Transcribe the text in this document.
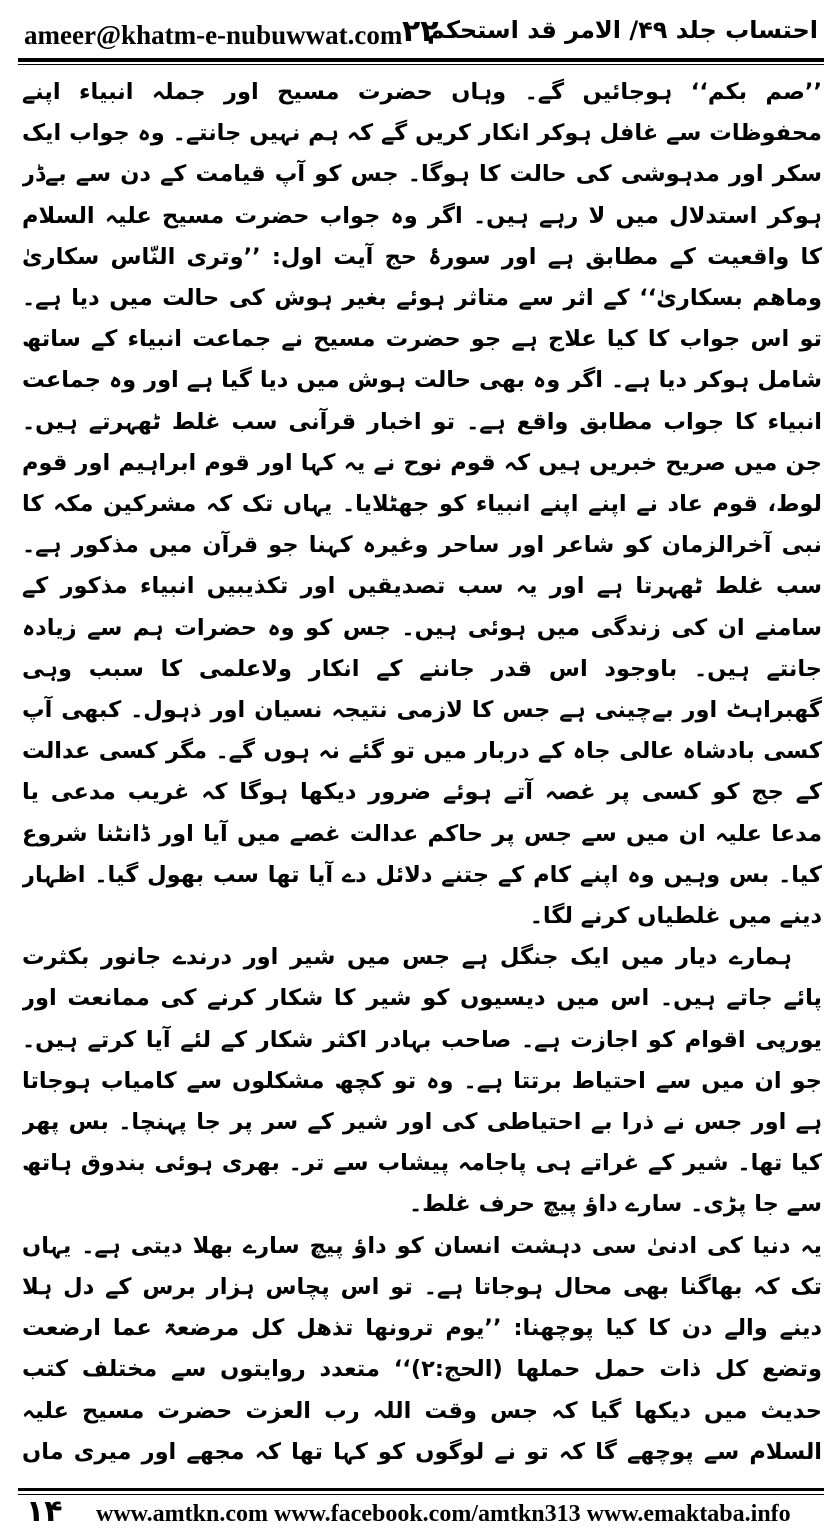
ameer@khatm-e-nubuwwat.com ۲۲
احتساب جلد ۴۹/ الامر قد استحکم

’’صم بکم‘‘ ہوجائیں گے۔ وہاں حضرت مسیح اور جملہ انبیاء اپنے محفوظات سے غافل ہوکر انکار کریں گے کہ ہم نہیں جانتے۔ وہ جواب ایک سکر اور مدہوشی کی حالت کا ہوگا۔ جس کو آپ قیامت کے دن سے بےڈر ہوکر استدلال میں لا رہے ہیں۔ اگر وہ جواب حضرت مسیح علیہ السلام کا واقعیت کے مطابق ہے اور سورۂ حج آیت اول: ’’وتری النّاس سکاریٰ وماھم بسکاریٰ‘‘ کے اثر سے متاثر ہوئے بغیر ہوش کی حالت میں دیا ہے۔ تو اس جواب کا کیا علاج ہے جو حضرت مسیح نے جماعت انبیاء کے ساتھ شامل ہوکر دیا ہے۔ اگر وہ بھی حالت ہوش میں دیا گیا ہے اور وہ جماعت انبیاء کا جواب مطابق واقع ہے۔ تو اخبار قرآنی سب غلط ٹھہرتے ہیں۔ جن میں صریح خبریں ہیں کہ قوم نوح نے یہ کہا اور قوم ابراہیم اور قوم لوط، قوم عاد نے اپنے اپنے انبیاء کو جھٹلایا۔ یہاں تک کہ مشرکین مکہ کا نبی آخرالزمان کو شاعر اور ساحر وغیرہ کہنا جو قرآن میں مذکور ہے۔ سب غلط ٹھہرتا ہے اور یہ سب تصدیقیں اور تکذیبیں انبیاء مذکور کے سامنے ان کی زندگی میں ہوئی ہیں۔ جس کو وہ حضرات ہم سے زیادہ جانتے ہیں۔ باوجود اس قدر جاننے کے انکار ولاعلمی کا سبب وہی گھبراہٹ اور بےچینی ہے جس کا لازمی نتیجہ نسیان اور ذہول۔ کبھی آپ کسی بادشاہ عالی جاہ کے دربار میں تو گئے نہ ہوں گے۔ مگر کسی عدالت کے جج کو کسی پر غصہ آتے ہوئے ضرور دیکھا ہوگا کہ غریب مدعی یا مدعا علیہ ان میں سے جس پر حاکم عدالت غصے میں آیا اور ڈانٹنا شروع کیا۔ بس وہیں وہ اپنے کام کے جتنے دلائل دے آیا تھا سب بھول گیا۔ اظہار دینے میں غلطیاں کرنے لگا۔

ہمارے دیار میں ایک جنگل ہے جس میں شیر اور درندے جانور بکثرت پائے جاتے ہیں۔ اس میں دیسیوں کو شیر کا شکار کرنے کی ممانعت اور یورپی اقوام کو اجازت ہے۔ صاحب بہادر اکثر شکار کے لئے آیا کرتے ہیں۔ جو ان میں سے احتیاط برتتا ہے۔ وہ تو کچھ مشکلوں سے کامیاب ہوجاتا ہے اور جس نے ذرا بے احتیاطی کی اور شیر کے سر پر جا پہنچا۔ بس پھر کیا تھا۔ شیر کے غراتے ہی پاجامہ پیشاب سے تر۔ بھری ہوئی بندوق ہاتھ سے جا پڑی۔ سارے داؤ پیچ حرف غلط۔

یہ دنیا کی ادنیٰ سی دہشت انسان کو داؤ پیچ سارے بھلا دیتی ہے۔ یہاں تک کہ بھاگنا بھی محال ہوجاتا ہے۔ تو اس پچاس ہزار برس کے دل ہلا دینے والے دن کا کیا پوچھنا: ’’یوم ترونھا تذھل کل مرضعۃ عما ارضعت وتضع کل ذات حمل حملھا (الحج:۲)‘‘ متعدد روایتوں سے مختلف کتب حدیث میں دیکھا گیا کہ جس وقت اللہ رب العزت حضرت مسیح علیہ السلام سے پوچھے گا کہ تو نے لوگوں کو کہا تھا کہ مجھے اور میری ماں

۱۴ www.amtkn.com www.facebook.com/amtkn313 www.emaktaba.info
